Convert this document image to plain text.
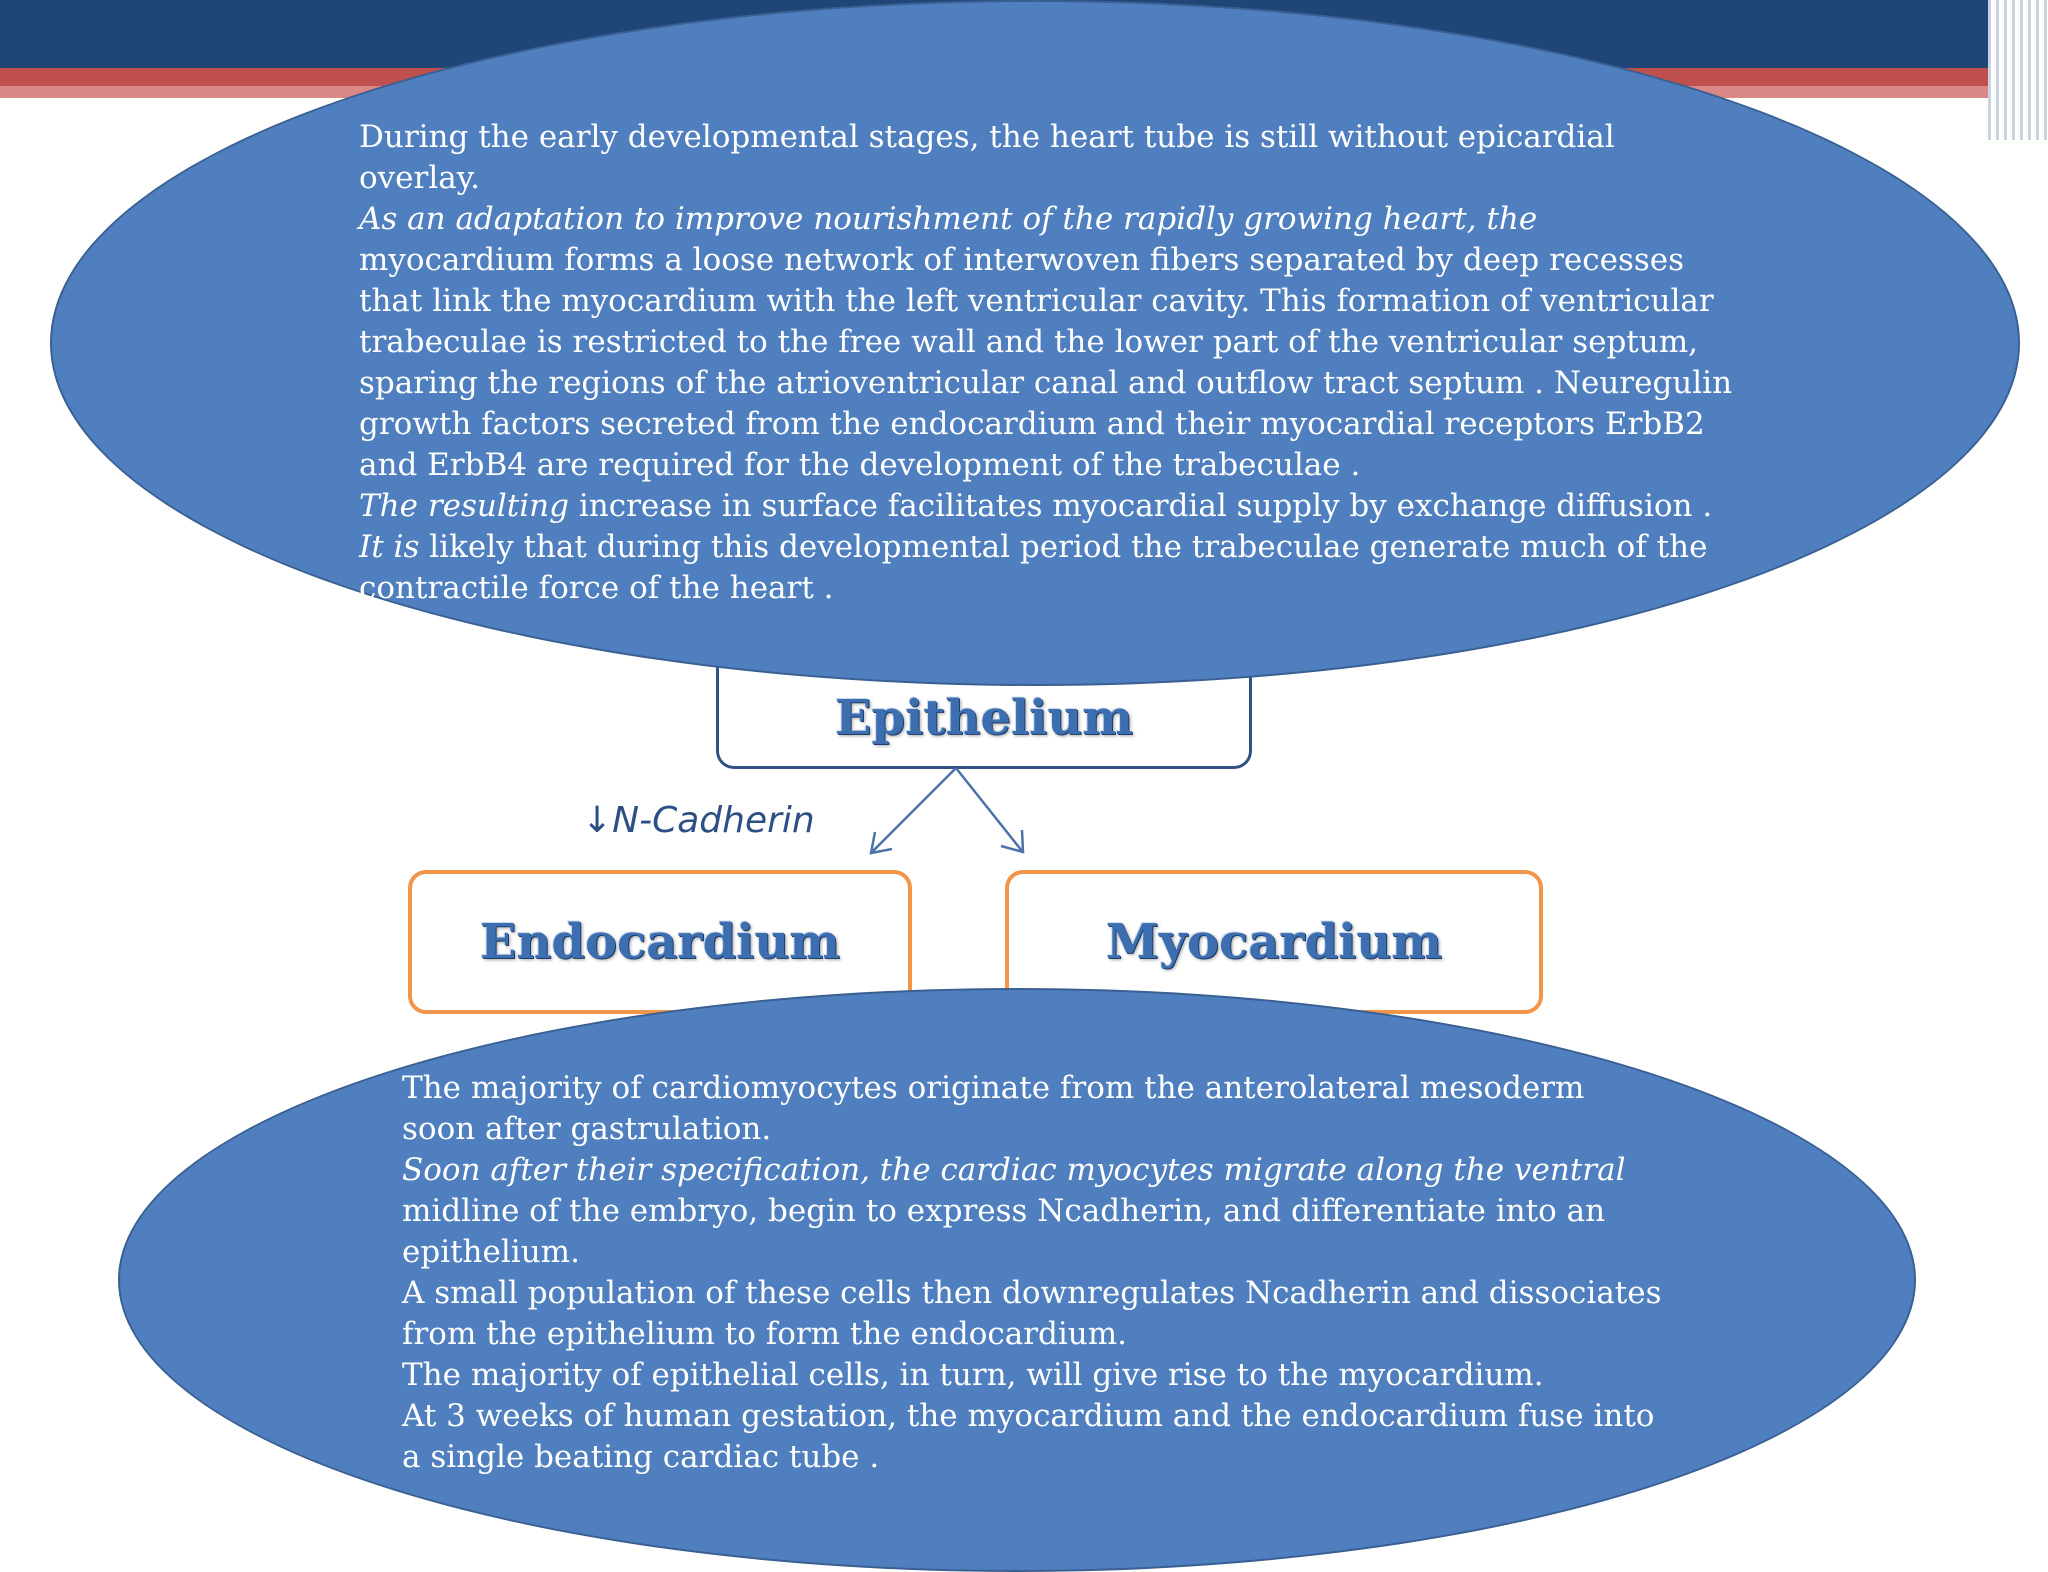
Epithelium
Endocardium	Myocardium
↓N-Cadherin

During the early developmental stages, the heart tube is still without epicardial overlay.

As an adaptation to improve nourishment of the rapidly growing heart, the

myocardium forms a loose network of interwoven fibers separated by deep recesses that link the myocardium with the left ventricular cavity. This formation of ventricular trabeculae is restricted to the free wall and the lower part of the ventricular septum, sparing the regions of the atrioventricular canal and outflow tract septum . Neuregulin growth factors secreted from the endocardium and their myocardial receptors ErbB2 and ErbB4 are required for the development of the trabeculae .

The resulting increase in surface facilitates myocardial supply by exchange diffusion . It is likely that during this developmental period the trabeculae generate much of the contractile force of the heart .

The majority of cardiomyocytes originate from the anterolateral mesoderm soon after gastrulation.

Soon after their specification, the cardiac myocytes migrate along the ventral
midline of the embryo, begin to express Ncadherin, and differentiate into an epithelium.

A small population of these cells then downregulates Ncadherin and dissociates from the epithelium to form the endocardium.

The majority of epithelial cells, in turn, will give rise to the myocardium.

At 3 weeks of human gestation, the myocardium and the endocardium fuse into a single beating cardiac tube .
